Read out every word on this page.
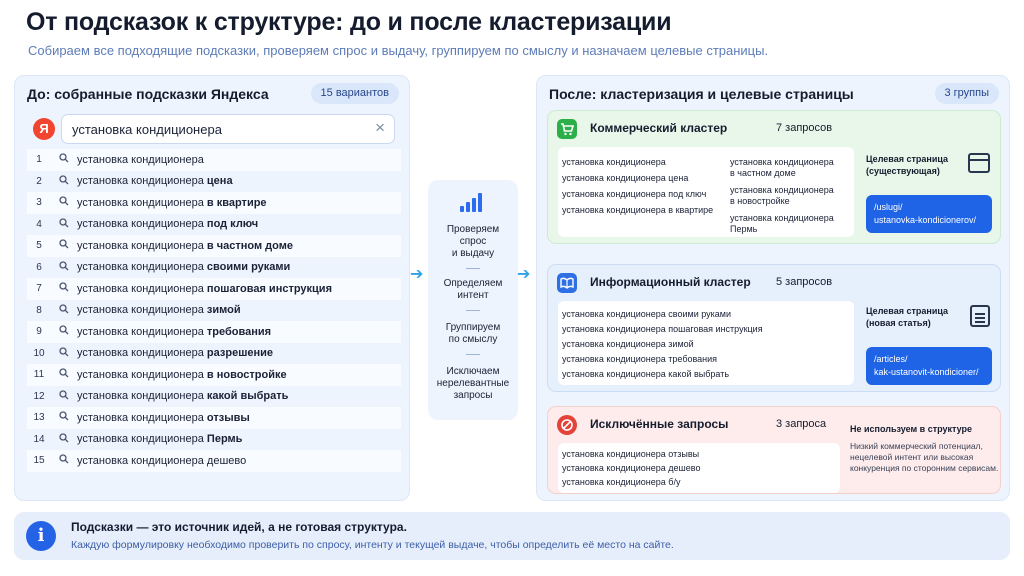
От подсказок к структуре: до и после кластеризации
Собираем все подходящие подсказки, проверяем спрос и выдачу, группируем по смыслу и назначаем целевые страницы.
До: собранные подсказки Яндекса	15 вариантов
Я	установка кондиционера	×
1	установка кондиционера
2	установка кондиционера цена
3	установка кондиционера в квартире
4	установка кондиционера под ключ
5	установка кондиционера в частном доме
6	установка кондиционера своими руками
7	установка кондиционера пошаговая инструкция
8	установка кондиционера зимой
9	установка кондиционера требования
10	установка кондиционера разрешение
11	установка кондиционера в новостройке
12	установка кондиционера какой выбрать
13	установка кондиционера отзывы
14	установка кондиционера Пермь
15	установка кондиционера дешево
➔
Проверяем
спрос
и выдачу
Определяем
интент
Группируем
по смыслу
Исключаем
нерелевантные
запросы
➔
После: кластеризация и целевые страницы	3 группы
Коммерческий кластер	7 запросов
установка кондиционера
установка кондиционера цена
установка кондиционера под ключ
установка кондиционера в квартире
установка кондиционера
в частном доме
установка кондиционера
в новостройке
установка кондиционера
Пермь
Целевая страница
(существующая)
/uslugi/
ustanovka-kondicionerov/
Информационный кластер 5 запросов
установка кондиционера своими руками
установка кондиционера пошаговая инструкция
установка кондиционера зимой
установка кондиционера требования
установка кондиционера какой выбрать
Целевая страница
(новая статья)
/articles/
kak-ustanovit-kondicioner/
Исключённые запросы	3 запроса
установка кондиционера отзывы
установка кондиционера дешево
установка кондиционера б/у
Не используем в структуре
Низкий коммерческий потенциал,
нецелевой интент или высокая
конкуренция по сторонним сервисам.
i	Подсказки — это источник идей, а не готовая структура.
Каждую формулировку необходимо проверить по спросу, интенту и текущей выдаче, чтобы определить её место на сайте.
